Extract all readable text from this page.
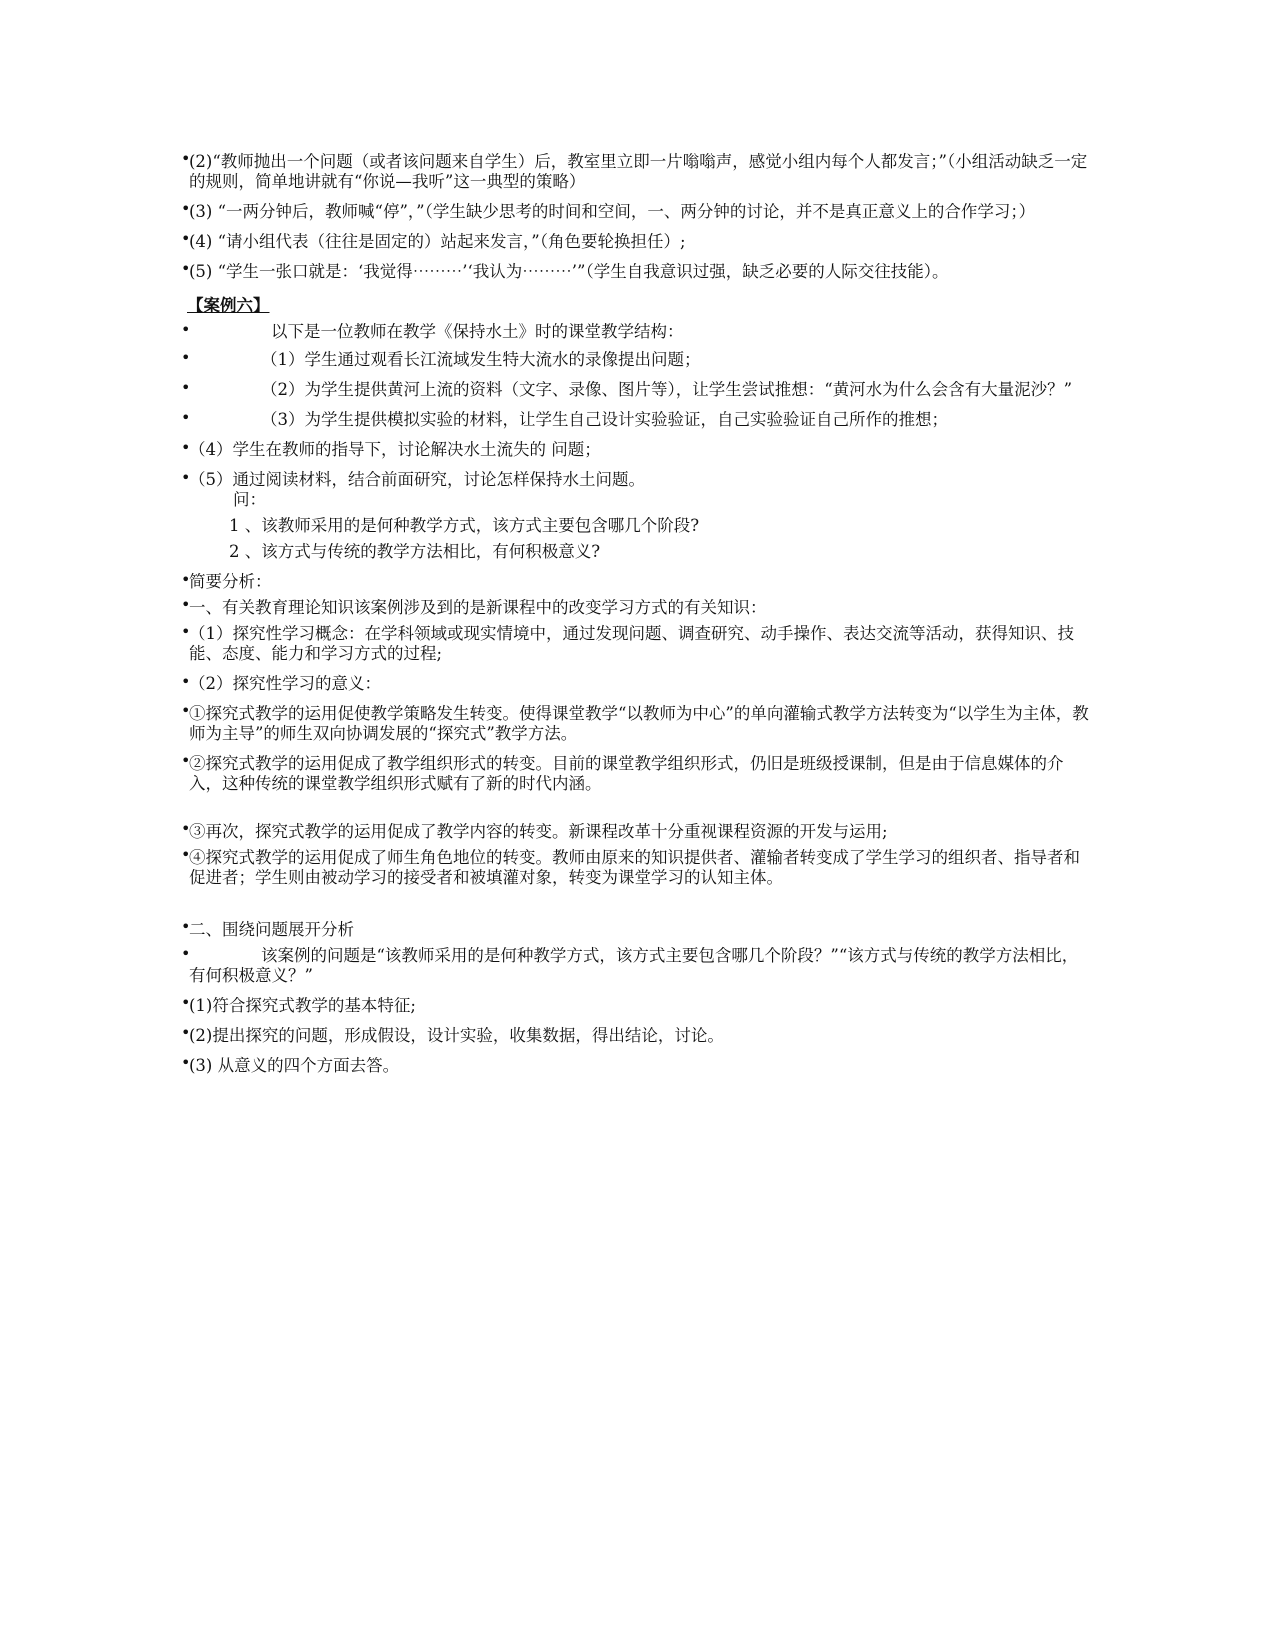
•
(2)“教师抛出一个问题（或者该问题来自学生）后，教室里立即一片嗡嗡声，感觉小组内每个人都发言；”（小组活动缺乏一定的规则，简单地讲就有“你说—我听”这一典型的策略）
•
(3) “一两分钟后，教师喊“停”，”（学生缺少思考的时间和空间，一、两分钟的讨论，并不是真正意义上的合作学习；）
•
(4) “请小组代表（往往是固定的）站起来发言，”（角色要轮换担任）;
•
(5) “学生一张口就是：‘我觉得⋯⋯⋯’‘我认为⋯⋯⋯’”（学生自我意识过强，缺乏必要的人际交往技能）。
【案例六】
•	以下是一位教师在教学《保持水土》时的课堂教学结构：
•	（1）学生通过观看长江流域发生特大流水的录像提出问题；
•	（2）为学生提供黄河上流的资料（文字、录像、图片等），让学生尝试推想：“黄河水为什么会含有大量泥沙？”
•	（3）为学生提供模拟实验的材料，让学生自己设计实验验证，自己实验验证自己所作的推想；
•
（4）学生在教师的指导下，讨论解决水土流失的 问题；
•
（5）通过阅读材料，结合前面研究，讨论怎样保持水土问题。
问：
1 、该教师采用的是何种教学方式，该方式主要包含哪几个阶段?
2 、该方式与传统的教学方法相比，有何积极意义?
•
简要分析：
•
一、有关教育理论知识该案例涉及到的是新课程中的改变学习方式的有关知识：
•
（1）探究性学习概念：在学科领域或现实情境中，通过发现问题、调查研究、动手操作、表达交流等活动，获得知识、技能、态度、能力和学习方式的过程;
•
（2）探究性学习的意义：
•
①探究式教学的运用促使教学策略发生转变。使得课堂教学“以教师为中心”的单向灌输式教学方法转变为“以学生为主体，教师为主导”的师生双向协调发展的“探究式”教学方法。
•
②探究式教学的运用促成了教学组织形式的转变。目前的课堂教学组织形式，仍旧是班级授课制，但是由于信息媒体的介入，这种传统的课堂教学组织形式赋有了新的时代内涵。
•
③再次，探究式教学的运用促成了教学内容的转变。新课程改革十分重视课程资源的开发与运用;
•
④探究式教学的运用促成了师生角色地位的转变。教师由原来的知识提供者、灌输者转变成了学生学习的组织者、指导者和促进者；学生则由被动学习的接受者和被填灌对象，转变为课堂学习的认知主体。
•
二、围绕问题展开分析
•	该案例的问题是“该教师采用的是何种教学方式，该方式主要包含哪几个阶段？”“该方式与传统的教学方法相比，有何积极意义？”
•
(1)符合探究式教学的基本特征;
•
(2)提出探究的问题，形成假设，设计实验，收集数据，得出结论，讨论。
•
(3) 从意义的四个方面去答。
